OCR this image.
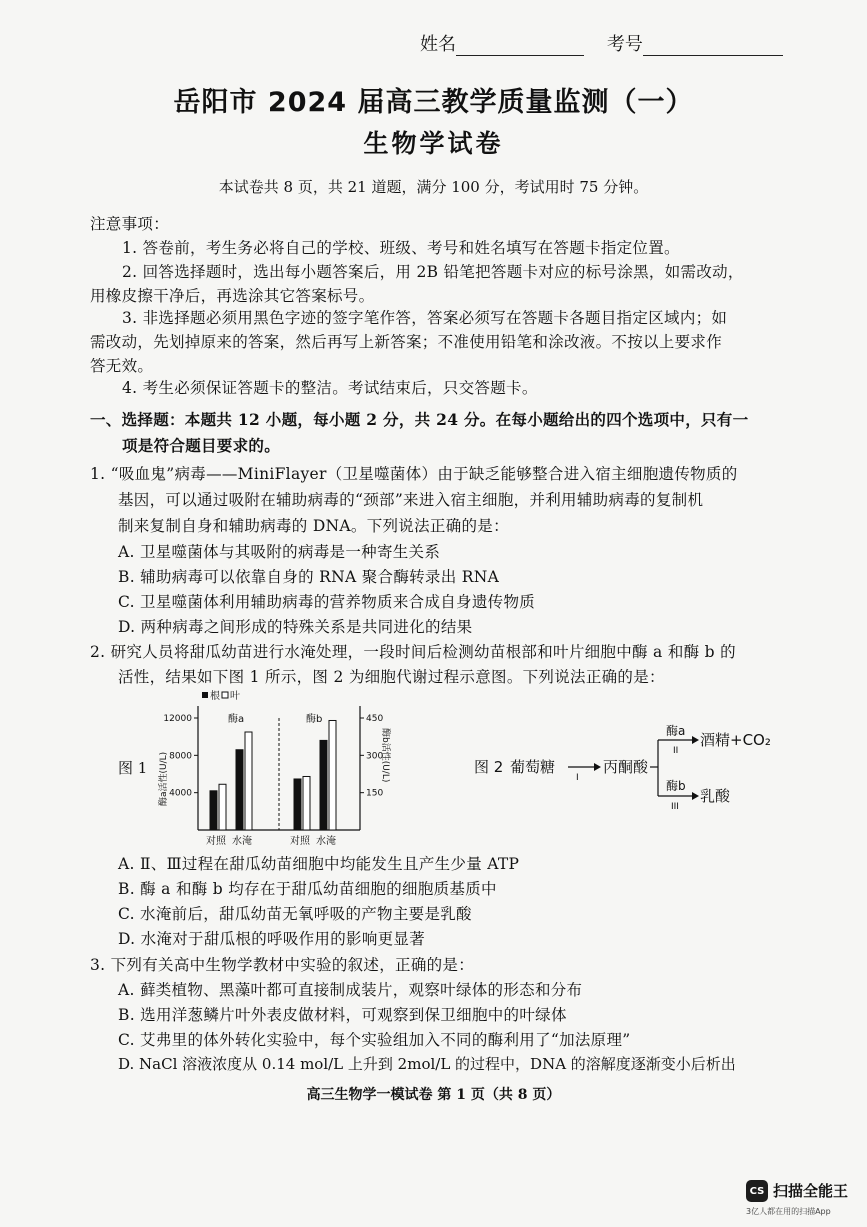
姓名	考号
岳阳市 2024 届高三教学质量监测（一）
生物学试卷
本试卷共 8 页，共 21 道题，满分 100 分，考试用时 75 分钟。
注意事项：
1. 答卷前，考生务必将自己的学校、班级、考号和姓名填写在答题卡指定位置。
2. 回答选择题时，选出每小题答案后，用 2B 铅笔把答题卡对应的标号涂黑，如需改动，
用橡皮擦干净后，再选涂其它答案标号。
3. 非选择题必须用黑色字迹的签字笔作答，答案必须写在答题卡各题目指定区域内；如
需改动，先划掉原来的答案，然后再写上新答案；不准使用铅笔和涂改液。不按以上要求作
答无效。
4. 考生必须保证答题卡的整洁。考试结束后，只交答题卡。
一、选择题：本题共 12 小题，每小题 2 分，共 24 分。在每小题给出的四个选项中，只有一
项是符合题目要求的。
1. “吸血鬼”病毒——MiniFlayer（卫星噬菌体）由于缺乏能够整合进入宿主细胞遗传物质的
基因，可以通过吸附在辅助病毒的“颈部”来进入宿主细胞，并利用辅助病毒的复制机
制来复制自身和辅助病毒的 DNA。下列说法正确的是：
A. 卫星噬菌体与其吸附的病毒是一种寄生关系
B. 辅助病毒可以依靠自身的 RNA 聚合酶转录出 RNA
C. 卫星噬菌体利用辅助病毒的营养物质来合成自身遗传物质
D. 两种病毒之间形成的特殊关系是共同进化的结果
2. 研究人员将甜瓜幼苗进行水淹处理，一段时间后检测幼苗根部和叶片细胞中酶 a 和酶 b 的
活性，结果如下图 1 所示，图 2 为细胞代谢过程示意图。下列说法正确的是：
图 1
根 叶
酶a	酶b
酶a活性(U/L)	酶b活性(U/L)
4000
8000
12000
150
300
450
对照 水淹	对照 水淹
图 2 葡萄糖
I
丙酮酸
酶a
II
酒精+CO₂
酶b
III
乳酸
A. Ⅱ、Ⅲ过程在甜瓜幼苗细胞中均能发生且产生少量 ATP
B. 酶 a 和酶 b 均存在于甜瓜幼苗细胞的细胞质基质中
C. 水淹前后，甜瓜幼苗无氧呼吸的产物主要是乳酸
D. 水淹对于甜瓜根的呼吸作用的影响更显著
3. 下列有关高中生物学教材中实验的叙述，正确的是：
A. 藓类植物、黑藻叶都可直接制成装片，观察叶绿体的形态和分布
B. 选用洋葱鳞片叶外表皮做材料，可观察到保卫细胞中的叶绿体
C. 艾弗里的体外转化实验中，每个实验组加入不同的酶利用了“加法原理”
D. NaCl 溶液浓度从 0.14 mol/L 上升到 2mol/L 的过程中，DNA 的溶解度逐渐变小后析出
高三生物学一模试卷 第 1 页（共 8 页）
CS 扫描全能王
3亿人都在用的扫描App
